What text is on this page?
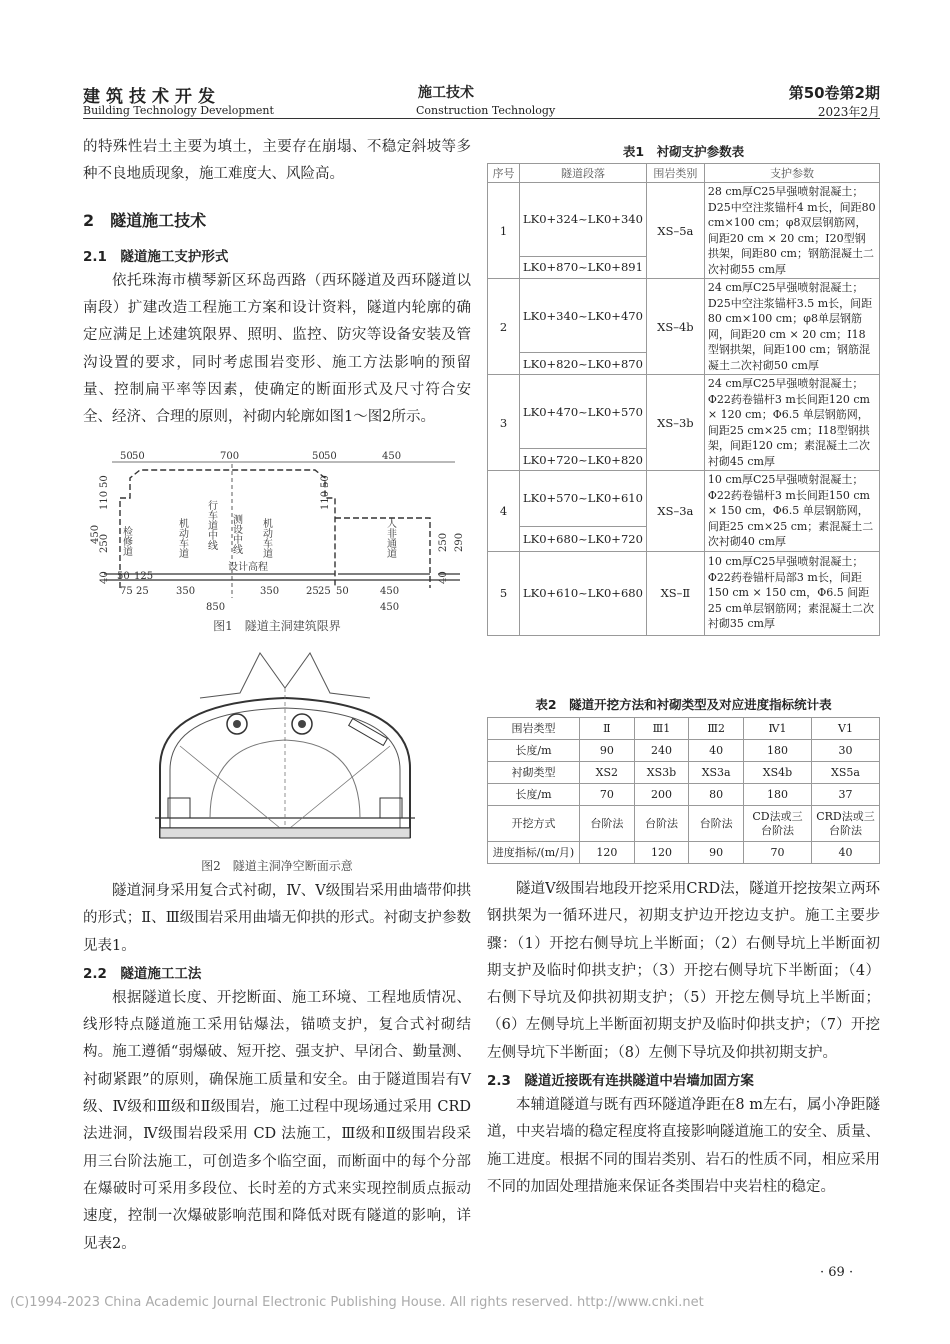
建筑技术开发
Building Technology Development
施工技术
Construction Technology
第50卷第2期
2023年2月
的特殊性岩土主要为填土，主要存在崩塌、不稳定斜坡等多种不良地质现象，施工难度大、风险高。
2　隧道施工技术
2.1　隧道施工支护形式
依托珠海市横琴新区环岛西路（西环隧道及西环隧道以南段）扩建改造工程施工方案和设计资料，隧道内轮廓的确定应满足上述建筑限界、照明、监控、防灾等设备安装及管沟设置的要求，同时考虑围岩变形、施工方法影响的预留量、控制扁平率等因素，使确定的断面形式及尺寸符合安全、经济、合理的原则，衬砌内轮廓如图1～图2所示。
50 50	700	50 50	450
450
110
50
250
40
110
50
250
40
290
50 125
75 25	350	350	25 25 50	450
850	450
检修道	机动车道 行车道中线 测设中线 机动车道	人非通道
设计高程
图1　隧道主洞建筑限界
图2　隧道主洞净空断面示意
隧道洞身采用复合式衬砌，Ⅳ、Ⅴ级围岩采用曲墙带仰拱的形式；Ⅱ、Ⅲ级围岩采用曲墙无仰拱的形式。衬砌支护参数见表1。
2.2　隧道施工工法
根据隧道长度、开挖断面、施工环境、工程地质情况、线形特点隧道施工采用钻爆法，锚喷支护，复合式衬砌结构。施工遵循“弱爆破、短开挖、强支护、早闭合、勤量测、衬砌紧跟”的原则，确保施工质量和安全。由于隧道围岩有Ⅴ级、Ⅳ级和Ⅲ级和Ⅱ级围岩，施工过程中现场通过采用 CRD 法进洞，Ⅳ级围岩段采用 CD 法施工，Ⅲ级和Ⅱ级围岩段采用三台阶法施工，可创造多个临空面，而断面中的每个分部在爆破时可采用多段位、长时差的方式来实现控制质点振动速度，控制一次爆破影响范围和降低对既有隧道的影响，详见表2。
表1　衬砌支护参数表
序号	隧道段落	围岩类别	支护参数
1	LK0+324~LK0+340	XS–5a	28 cm厚C25早强喷射混凝土；D25中空注浆锚杆4 m长，间距80 cm×100 cm；φ8双层钢筋网，间距20 cm × 20 cm；I20型钢拱架，间距80 cm；钢筋混凝土二次衬砌55 cm厚
	LK0+870~LK0+891		
2	LK0+340~LK0+470	XS–4b	24 cm厚C25早强喷射混凝土；D25中空注浆锚杆3.5 m长，间距80 cm×100 cm；φ8单层钢筋网，间距20 cm × 20 cm；I18型钢拱架，间距100 cm；钢筋混凝土二次衬砌50 cm厚
	LK0+820~LK0+870		
3	LK0+470~LK0+570	XS–3b	24 cm厚C25早强喷射混凝土；Φ22药卷锚杆3 m长间距120 cm × 120 cm；Φ6.5 单层钢筋网，间距25 cm×25 cm；I18型钢拱架，间距120 cm；素混凝土二次衬砌45 cm厚
	LK0+720~LK0+820		
4	LK0+570~LK0+610	XS–3a	10 cm厚C25早强喷射混凝土；Φ22药卷锚杆3 m长间距150 cm × 150 cm，Φ6.5 单层钢筋网，间距25 cm×25 cm；素混凝土二次衬砌40 cm厚
	LK0+680~LK0+720		
5	LK0+610~LK0+680	XS–Ⅱ	10 cm厚C25早强喷射混凝土；Φ22药卷锚杆局部3 m长，间距150 cm × 150 cm，Φ6.5 间距25 cm单层钢筋网；素混凝土二次衬砌35 cm厚
表2　隧道开挖方法和衬砌类型及对应进度指标统计表
围岩类型	Ⅱ	Ⅲ1	Ⅲ2	Ⅳ1	Ⅴ1
长度/m	90	240	40	180	30
衬砌类型	XS2	XS3b	XS3a	XS4b	XS5a
长度/m	70	200	80	180	37
开挖方式	台阶法	台阶法	台阶法	CD法或三台阶法	CRD法或三台阶法
进度指标/(m/月)	120	120	90	70	40
隧道Ⅴ级围岩地段开挖采用CRD法，隧道开挖按架立两环钢拱架为一循环进尺，初期支护边开挖边支护。施工主要步骤：（1）开挖右侧导坑上半断面；（2）右侧导坑上半断面初期支护及临时仰拱支护；（3）开挖右侧导坑下半断面；（4）右侧下导坑及仰拱初期支护；（5）开挖左侧导坑上半断面；（6）左侧导坑上半断面初期支护及临时仰拱支护；（7）开挖左侧导坑下半断面；（8）左侧下导坑及仰拱初期支护。
2.3　隧道近接既有连拱隧道中岩墙加固方案
本辅道隧道与既有西环隧道净距在8 m左右，属小净距隧道，中夹岩墙的稳定程度将直接影响隧道施工的安全、质量、施工进度。根据不同的围岩类别、岩石的性质不同，相应采用不同的加固处理措施来保证各类围岩中夹岩柱的稳定。
· 69 ·
(C)1994-2023 China Academic Journal Electronic Publishing House. All rights reserved. http://www.cnki.net
